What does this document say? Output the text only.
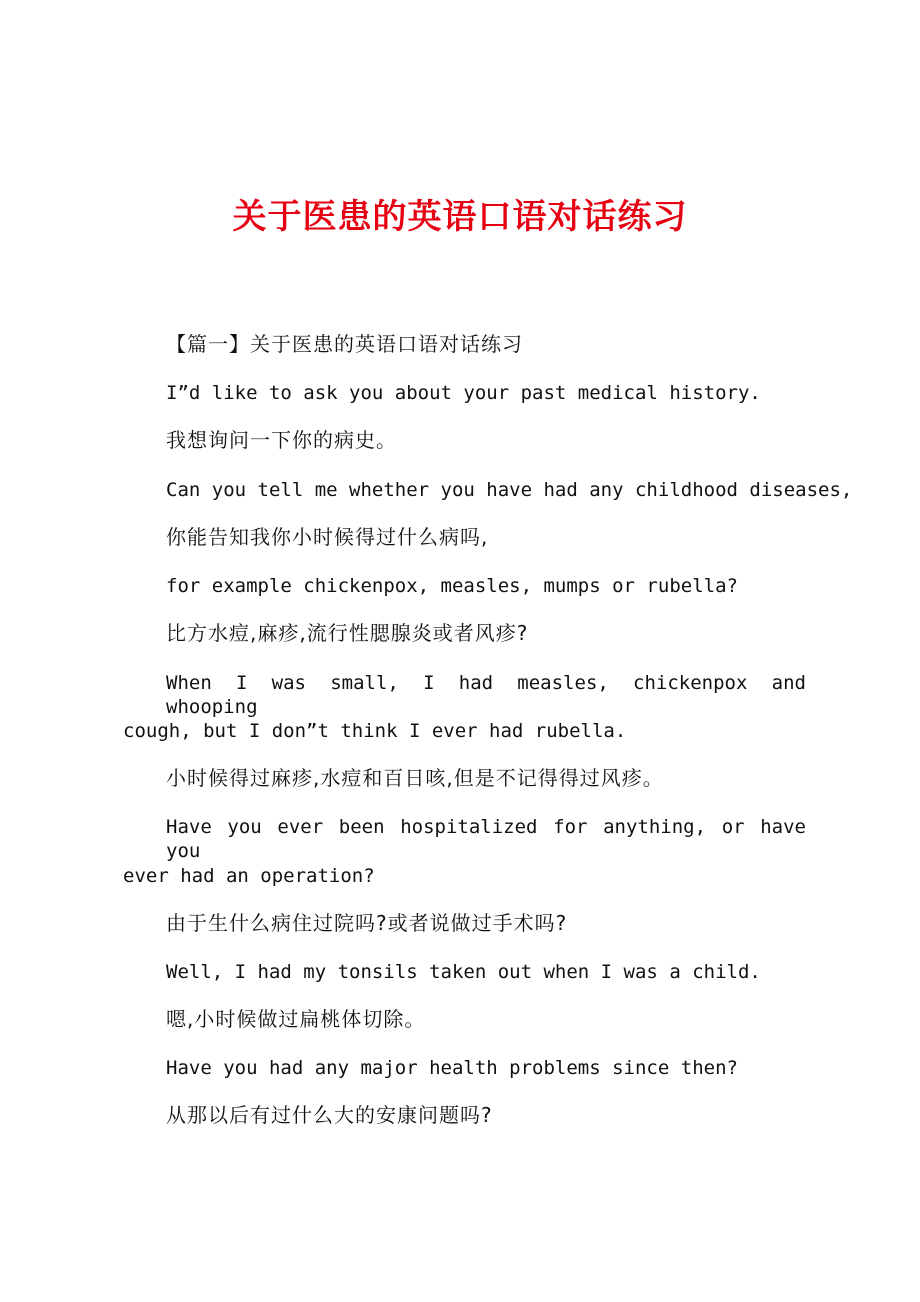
关于医患的英语口语对话练习

【篇一】关于医患的英语口语对话练习

I”d like to ask you about your past medical history.

我想询问一下你的病史。

Can you tell me whether you have had any childhood diseases,

你能告知我你小时候得过什么病吗,

for example chickenpox, measles, mumps or rubella?

比方水痘,麻疹,流行性腮腺炎或者风疹?

When I was small, I had measles, chickenpox and whooping

cough, but I don”t think I ever had rubella.

小时候得过麻疹,水痘和百日咳,但是不记得得过风疹。

Have you ever been hospitalized for anything, or have you

ever had an operation?

由于生什么病住过院吗?或者说做过手术吗?

Well, I had my tonsils taken out when I was a child.

嗯,小时候做过扁桃体切除。

Have you had any major health problems since then?

从那以后有过什么大的安康问题吗?
